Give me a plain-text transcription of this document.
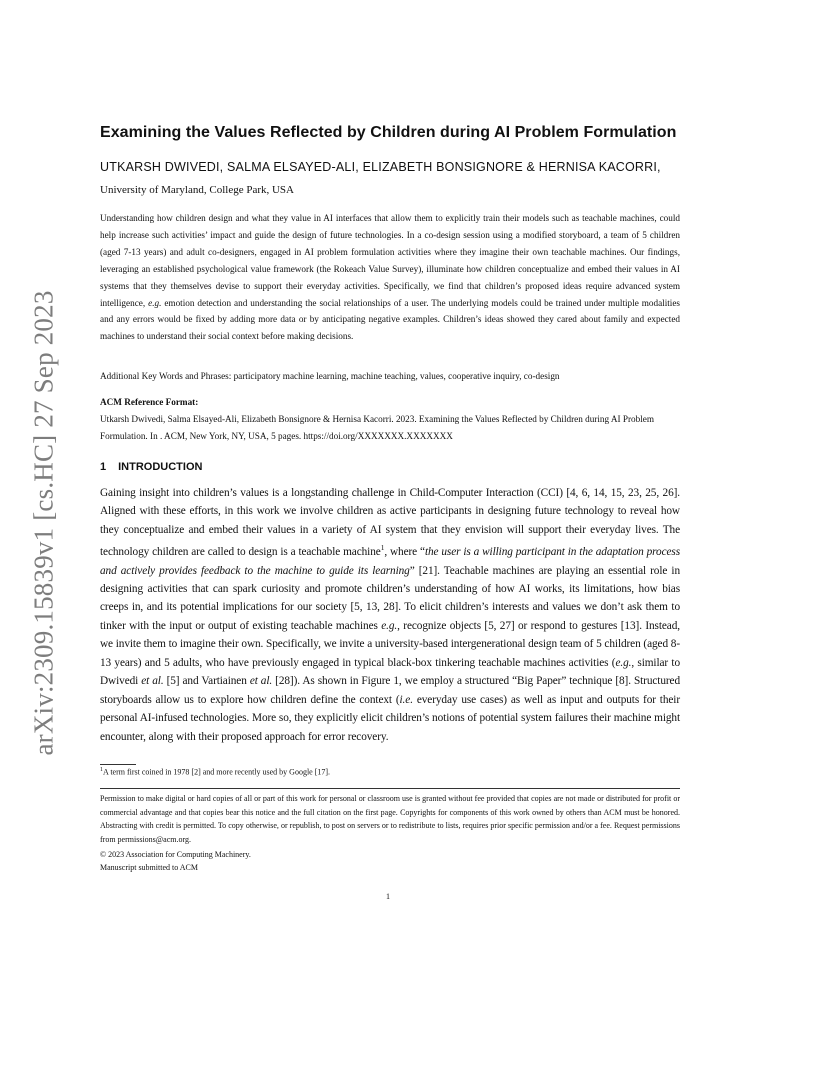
arXiv:2309.15839v1 [cs.HC] 27 Sep 2023
Examining the Values Reflected by Children during AI Problem Formulation
UTKARSH DWIVEDI, SALMA ELSAYED-ALI, ELIZABETH BONSIGNORE & HERNISA KACORRI,
University of Maryland, College Park, USA

Understanding how children design and what they value in AI interfaces that allow them to explicitly train their models such as teachable machines, could help increase such activities’ impact and guide the design of future technologies. In a co-design session using a modified storyboard, a team of 5 children (aged 7-13 years) and adult co-designers, engaged in AI problem formulation activities where they imagine their own teachable machines. Our findings, leveraging an established psychological value framework (the Rokeach Value Survey), illuminate how children conceptualize and embed their values in AI systems that they themselves devise to support their everyday activities. Specifically, we find that children’s proposed ideas require advanced system intelligence, e.g. emotion detection and understanding the social relationships of a user. The underlying models could be trained under multiple modalities and any errors would be fixed by adding more data or by anticipating negative examples. Children’s ideas showed they cared about family and expected machines to understand their social context before making decisions.

Additional Key Words and Phrases: participatory machine learning, machine teaching, values, cooperative inquiry, co-design

ACM Reference Format:

Utkarsh Dwivedi, Salma Elsayed-Ali, Elizabeth Bonsignore & Hernisa Kacorri. 2023. Examining the Values Reflected by Children during AI Problem Formulation. In . ACM, New York, NY, USA, 5 pages. https://doi.org/XXXXXXX.XXXXXXX

1 INTRODUCTION

Gaining insight into children’s values is a longstanding challenge in Child-Computer Interaction (CCI) [4, 6, 14, 15, 23, 25, 26]. Aligned with these efforts, in this work we involve children as active participants in designing future technology to reveal how they conceptualize and embed their values in a variety of AI system that they envision will support their everyday lives. The technology children are called to design is a teachable machine$^1$, where “the user is a willing participant in the adaptation process and actively provides feedback to the machine to guide its learning” [21]. Teachable machines are playing an essential role in designing activities that can spark curiosity and promote children’s understanding of how AI works, its limitations, how bias creeps in, and its potential implications for our society [5, 13, 28]. To elicit children’s interests and values we don’t ask them to tinker with the input or output of existing teachable machines e.g., recognize objects [5, 27] or respond to gestures [13]. Instead, we invite them to imagine their own. Specifically, we invite a university-based intergenerational design team of 5 children (aged 8-13 years) and 5 adults, who have previously engaged in typical black-box tinkering teachable machines activities (e.g., similar to Dwivedi et al. [5] and Vartiainen et al. [28]). As shown in Figure 1, we employ a structured “Big Paper” technique [8]. Structured storyboards allow us to explore how children define the context (i.e. everyday use cases) as well as input and outputs for their personal AI-infused technologies. More so, they explicitly elicit children’s notions of potential system failures their machine might encounter, along with their proposed approach for error recovery.

$^1$A term first coined in 1978 [2] and more recently used by Google [17].

Permission to make digital or hard copies of all or part of this work for personal or classroom use is granted without fee provided that copies are not made or distributed for profit or commercial advantage and that copies bear this notice and the full citation on the first page. Copyrights for components of this work owned by others than ACM must be honored. Abstracting with credit is permitted. To copy otherwise, or republish, to post on servers or to redistribute to lists, requires prior specific permission and/or a fee. Request permissions from permissions@acm.org.

© 2023 Association for Computing Machinery.
Manuscript submitted to ACM
1
